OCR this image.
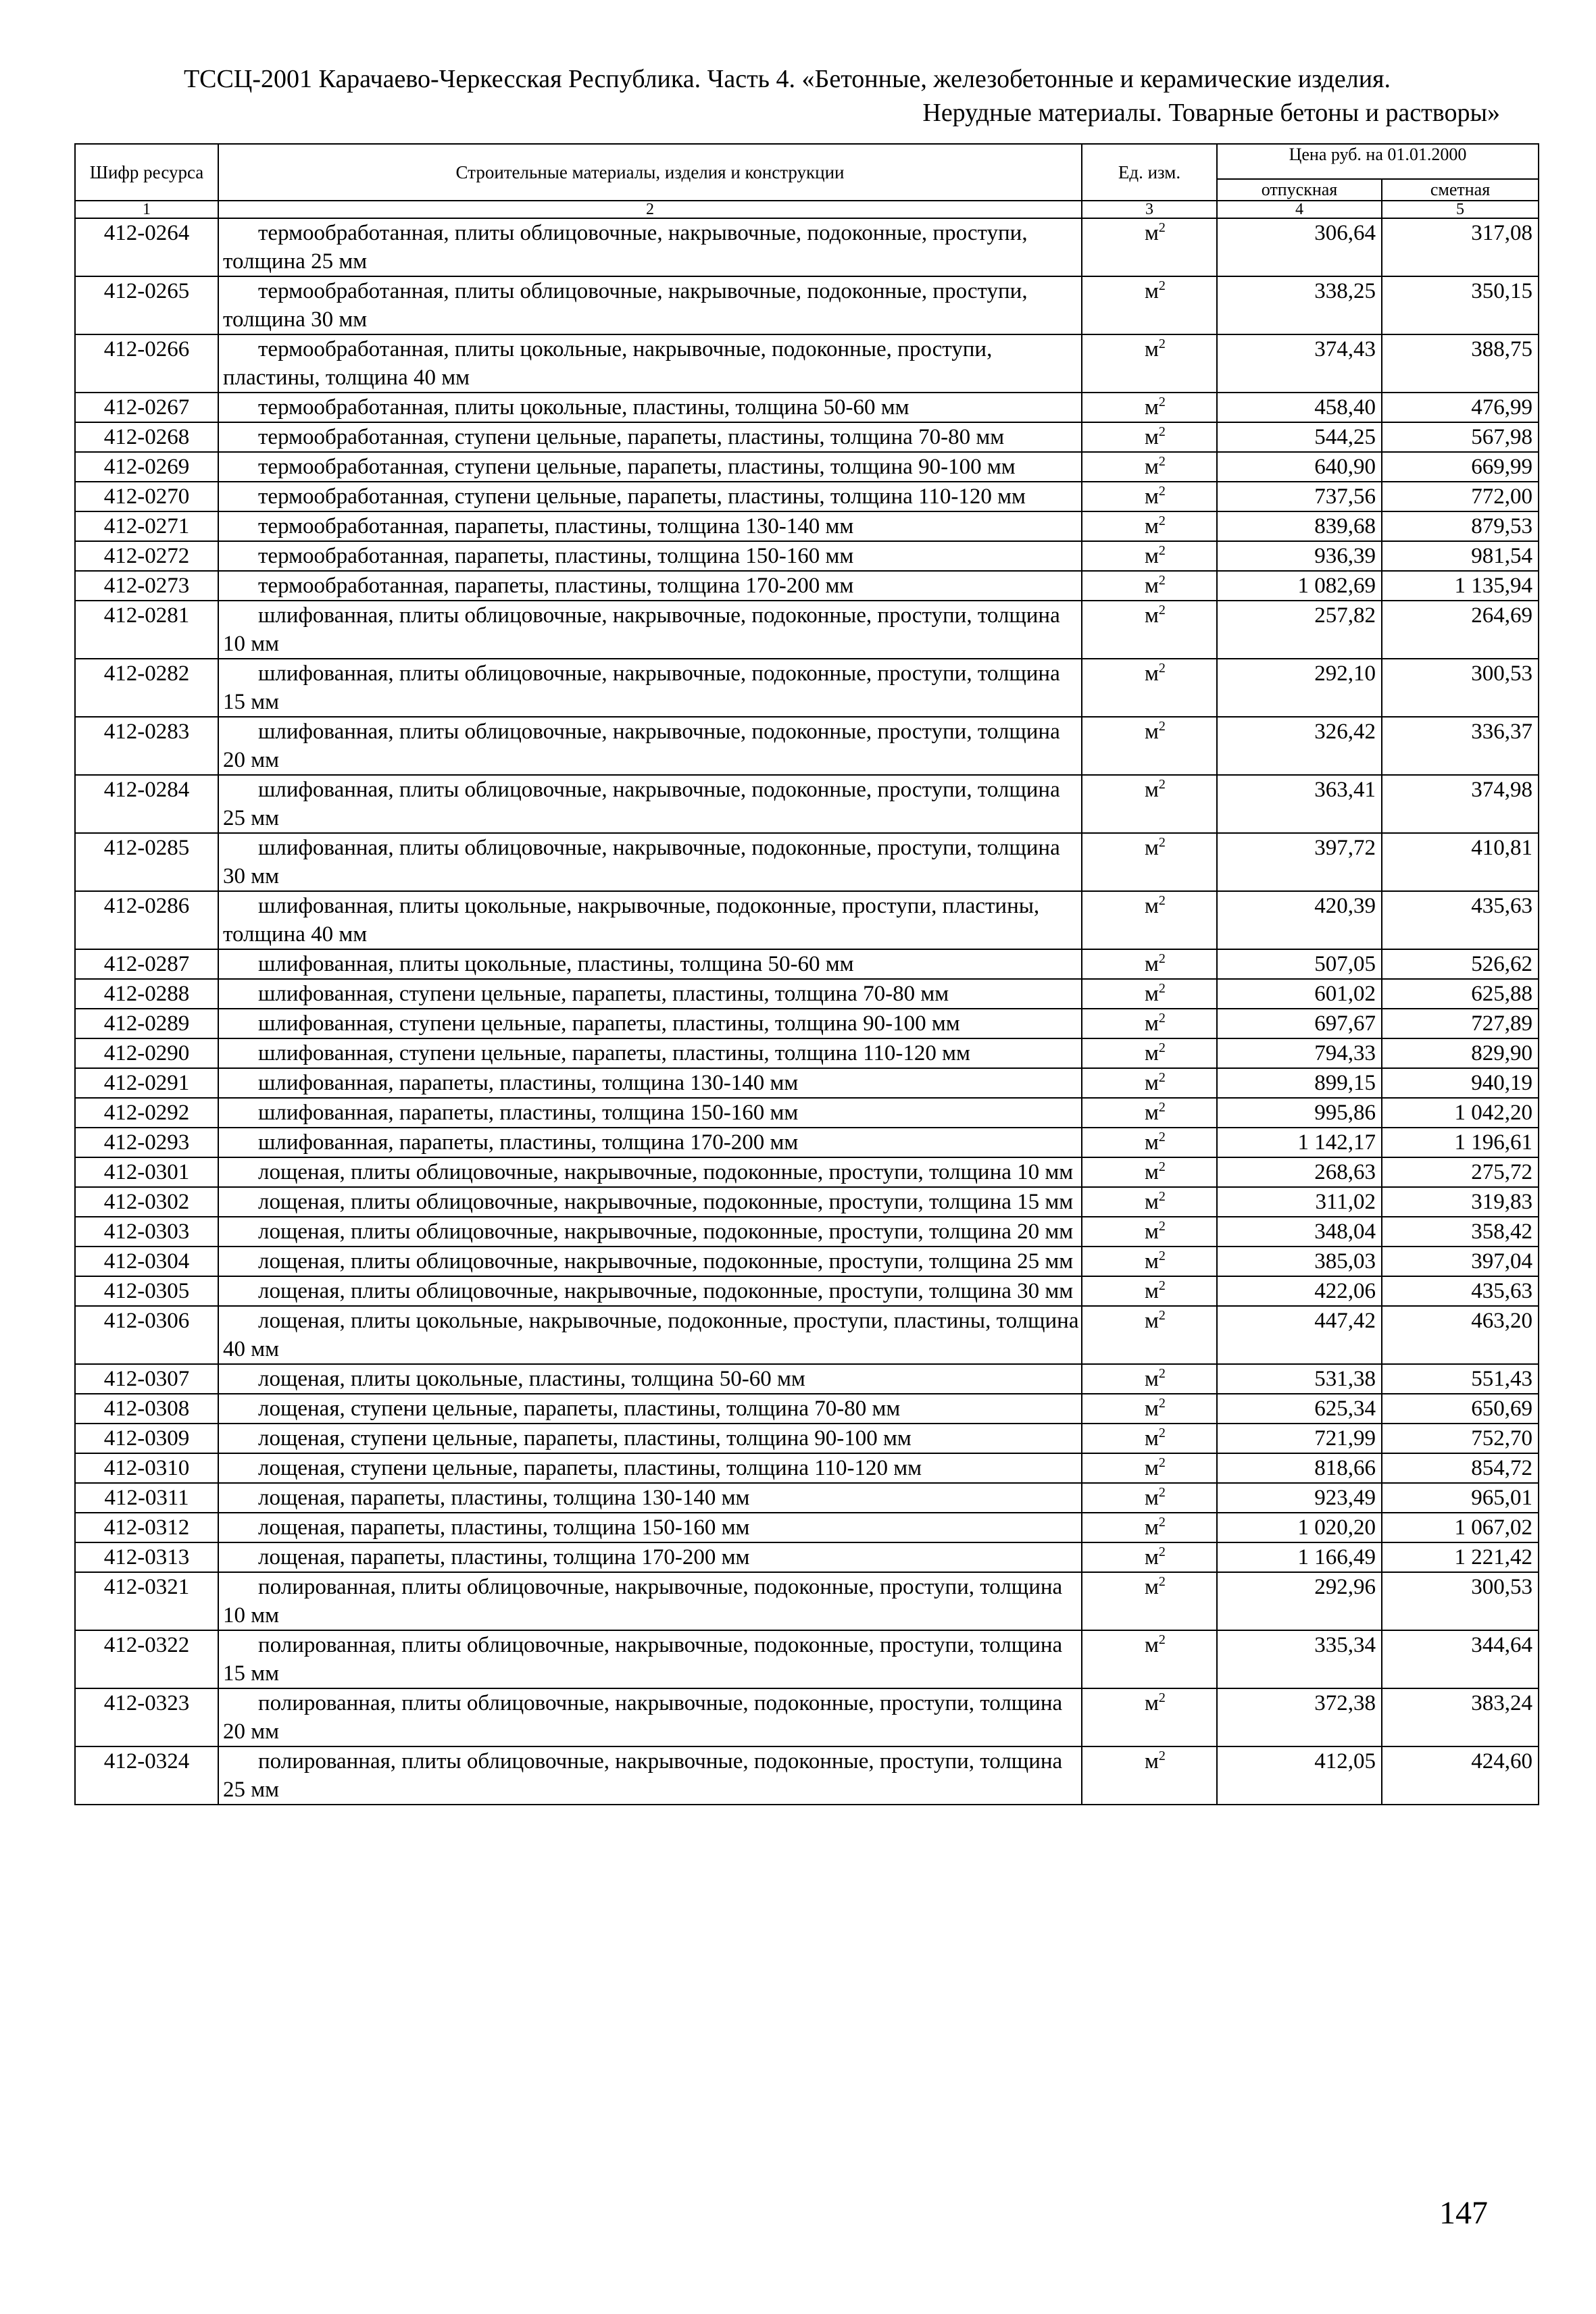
ТССЦ-2001 Карачаево-Черкесская Республика. Часть 4. «Бетонные, железобетонные и керамические изделия.
Нерудные материалы. Товарные бетоны и растворы»
Шифр ресурса	Строительные материалы, изделия и конструкции	Ед. изм.	Цена руб. на 01.01.2000	
			отпускная	сметная
1	2	3	4	5
412-0264	термообработанная, плиты облицовочные, накрывочные, подоконные, проступи, толщина 25 мм	$м^2$	306,64	317,08
412-0265	термообработанная, плиты облицовочные, накрывочные, подоконные, проступи, толщина 30 мм	$м^2$	338,25	350,15
412-0266	термообработанная, плиты цокольные, накрывочные, подоконные, проступи, пластины, толщина 40 мм	$м^2$	374,43	388,75
412-0267	термообработанная, плиты цокольные, пластины, толщина 50-60 мм	$м^2$	458,40	476,99
412-0268	термообработанная, ступени цельные, парапеты, пластины, толщина 70-80 мм	$м^2$	544,25	567,98
412-0269	термообработанная, ступени цельные, парапеты, пластины, толщина 90-100 мм	$м^2$	640,90	669,99
412-0270	термообработанная, ступени цельные, парапеты, пластины, толщина 110-120 мм	$м^2$	737,56	772,00
412-0271	термообработанная, парапеты, пластины, толщина 130-140 мм	$м^2$	839,68	879,53
412-0272	термообработанная, парапеты, пластины, толщина 150-160 мм	$м^2$	936,39	981,54
412-0273	термообработанная, парапеты, пластины, толщина 170-200 мм	$м^2$	1 082,69	1 135,94
412-0281	шлифованная, плиты облицовочные, накрывочные, подоконные, проступи, толщина 10 мм	$м^2$	257,82	264,69
412-0282	шлифованная, плиты облицовочные, накрывочные, подоконные, проступи, толщина 15 мм	$м^2$	292,10	300,53
412-0283	шлифованная, плиты облицовочные, накрывочные, подоконные, проступи, толщина 20 мм	$м^2$	326,42	336,37
412-0284	шлифованная, плиты облицовочные, накрывочные, подоконные, проступи, толщина 25 мм	$м^2$	363,41	374,98
412-0285	шлифованная, плиты облицовочные, накрывочные, подоконные, проступи, толщина 30 мм	$м^2$	397,72	410,81
412-0286	шлифованная, плиты цокольные, накрывочные, подоконные, проступи, пластины, толщина 40 мм	$м^2$	420,39	435,63
412-0287	шлифованная, плиты цокольные, пластины, толщина 50-60 мм	$м^2$	507,05	526,62
412-0288	шлифованная, ступени цельные, парапеты, пластины, толщина 70-80 мм	$м^2$	601,02	625,88
412-0289	шлифованная, ступени цельные, парапеты, пластины, толщина 90-100 мм	$м^2$	697,67	727,89
412-0290	шлифованная, ступени цельные, парапеты, пластины, толщина 110-120 мм	$м^2$	794,33	829,90
412-0291	шлифованная, парапеты, пластины, толщина 130-140 мм	$м^2$	899,15	940,19
412-0292	шлифованная, парапеты, пластины, толщина 150-160 мм	$м^2$	995,86	1 042,20
412-0293	шлифованная, парапеты, пластины, толщина 170-200 мм	$м^2$	1 142,17	1 196,61
412-0301	лощеная, плиты облицовочные, накрывочные, подоконные, проступи, толщина 10 мм	$м^2$	268,63	275,72
412-0302	лощеная, плиты облицовочные, накрывочные, подоконные, проступи, толщина 15 мм	$м^2$	311,02	319,83
412-0303	лощеная, плиты облицовочные, накрывочные, подоконные, проступи, толщина 20 мм	$м^2$	348,04	358,42
412-0304	лощеная, плиты облицовочные, накрывочные, подоконные, проступи, толщина 25 мм	$м^2$	385,03	397,04
412-0305	лощеная, плиты облицовочные, накрывочные, подоконные, проступи, толщина 30 мм	$м^2$	422,06	435,63
412-0306	лощеная, плиты цокольные, накрывочные, подоконные, проступи, пластины, толщина 40 мм	$м^2$	447,42	463,20
412-0307	лощеная, плиты цокольные, пластины, толщина 50-60 мм	$м^2$	531,38	551,43
412-0308	лощеная, ступени цельные, парапеты, пластины, толщина 70-80 мм	$м^2$	625,34	650,69
412-0309	лощеная, ступени цельные, парапеты, пластины, толщина 90-100 мм	$м^2$	721,99	752,70
412-0310	лощеная, ступени цельные, парапеты, пластины, толщина 110-120 мм	$м^2$	818,66	854,72
412-0311	лощеная, парапеты, пластины, толщина 130-140 мм	$м^2$	923,49	965,01
412-0312	лощеная, парапеты, пластины, толщина 150-160 мм	$м^2$	1 020,20	1 067,02
412-0313	лощеная, парапеты, пластины, толщина 170-200 мм	$м^2$	1 166,49	1 221,42
412-0321	полированная, плиты облицовочные, накрывочные, подоконные, проступи, толщина 10 мм	$м^2$	292,96	300,53
412-0322	полированная, плиты облицовочные, накрывочные, подоконные, проступи, толщина 15 мм	$м^2$	335,34	344,64
412-0323	полированная, плиты облицовочные, накрывочные, подоконные, проступи, толщина 20 мм	$м^2$	372,38	383,24
412-0324	полированная, плиты облицовочные, накрывочные, подоконные, проступи, толщина 25 мм	$м^2$	412,05	424,60
147
